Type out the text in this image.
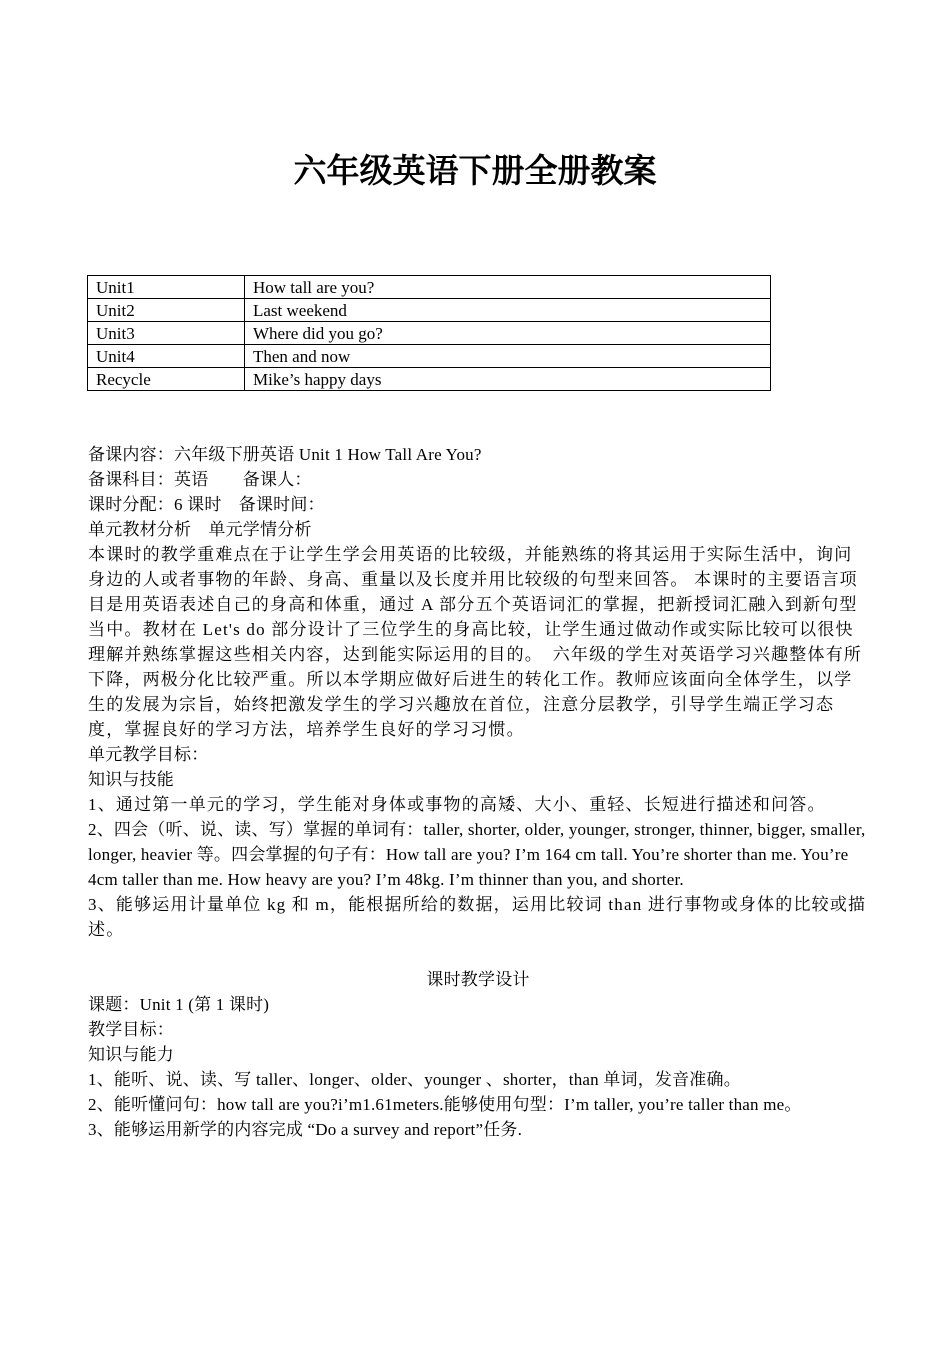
六年级英语下册全册教案
Unit1	How tall are you?
Unit2	Last weekend
Unit3	Where did you go?
Unit4	Then and now
Recycle	Mike’s happy days

备课内容：六年级下册英语 Unit 1 How Tall Are You?

备课科目：英语　　备课人：

课时分配：6 课时　备课时间：

单元教材分析　单元学情分析

本课时的教学重难点在于让学生学会用英语的比较级，并能熟练的将其运用于实际生活中，询问身边的人或者事物的年龄、身高、重量以及长度并用比较级的句型来回答。 本课时的主要语言项目是用英语表述自己的身高和体重，通过 A 部分五个英语词汇的掌握，把新授词汇融入到新句型当中。教材在 Let's do 部分设计了三位学生的身高比较，让学生通过做动作或实际比较可以很快理解并熟练掌握这些相关内容，达到能实际运用的目的。　六年级的学生对英语学习兴趣整体有所下降，两极分化比较严重。所以本学期应做好后进生的转化工作。教师应该面向全体学生，以学生的发展为宗旨，始终把激发学生的学习兴趣放在首位，注意分层教学，引导学生端正学习态度，掌握良好的学习方法，培养学生良好的学习习惯。

单元教学目标：

知识与技能

1、通过第一单元的学习，学生能对身体或事物的高矮、大小、重轻、长短进行描述和问答。

2、四会（听、说、读、写）掌握的单词有：taller, shorter, older, younger, stronger, thinner, bigger, smaller, longer, heavier 等。四会掌握的句子有：How tall are you? I’m 164 cm tall. You’re shorter than me. You’re 4cm taller than me. How heavy are you? I’m 48kg. I’m thinner than you, and shorter.

3、能够运用计量单位 kg 和 m，能根据所给的数据，运用比较词 than 进行事物或身体的比较或描述。

课时教学设计

课题：Unit 1 (第 1 课时)

教学目标：

知识与能力

1、能听、说、读、写 taller、longer、older、younger 、shorter，than 单词，发音准确。

2、能听懂问句：how tall are you?i’m1.61meters.能够使用句型：I’m taller, you’re taller than me。

3、能够运用新学的内容完成 “Do a survey and report”任务.
